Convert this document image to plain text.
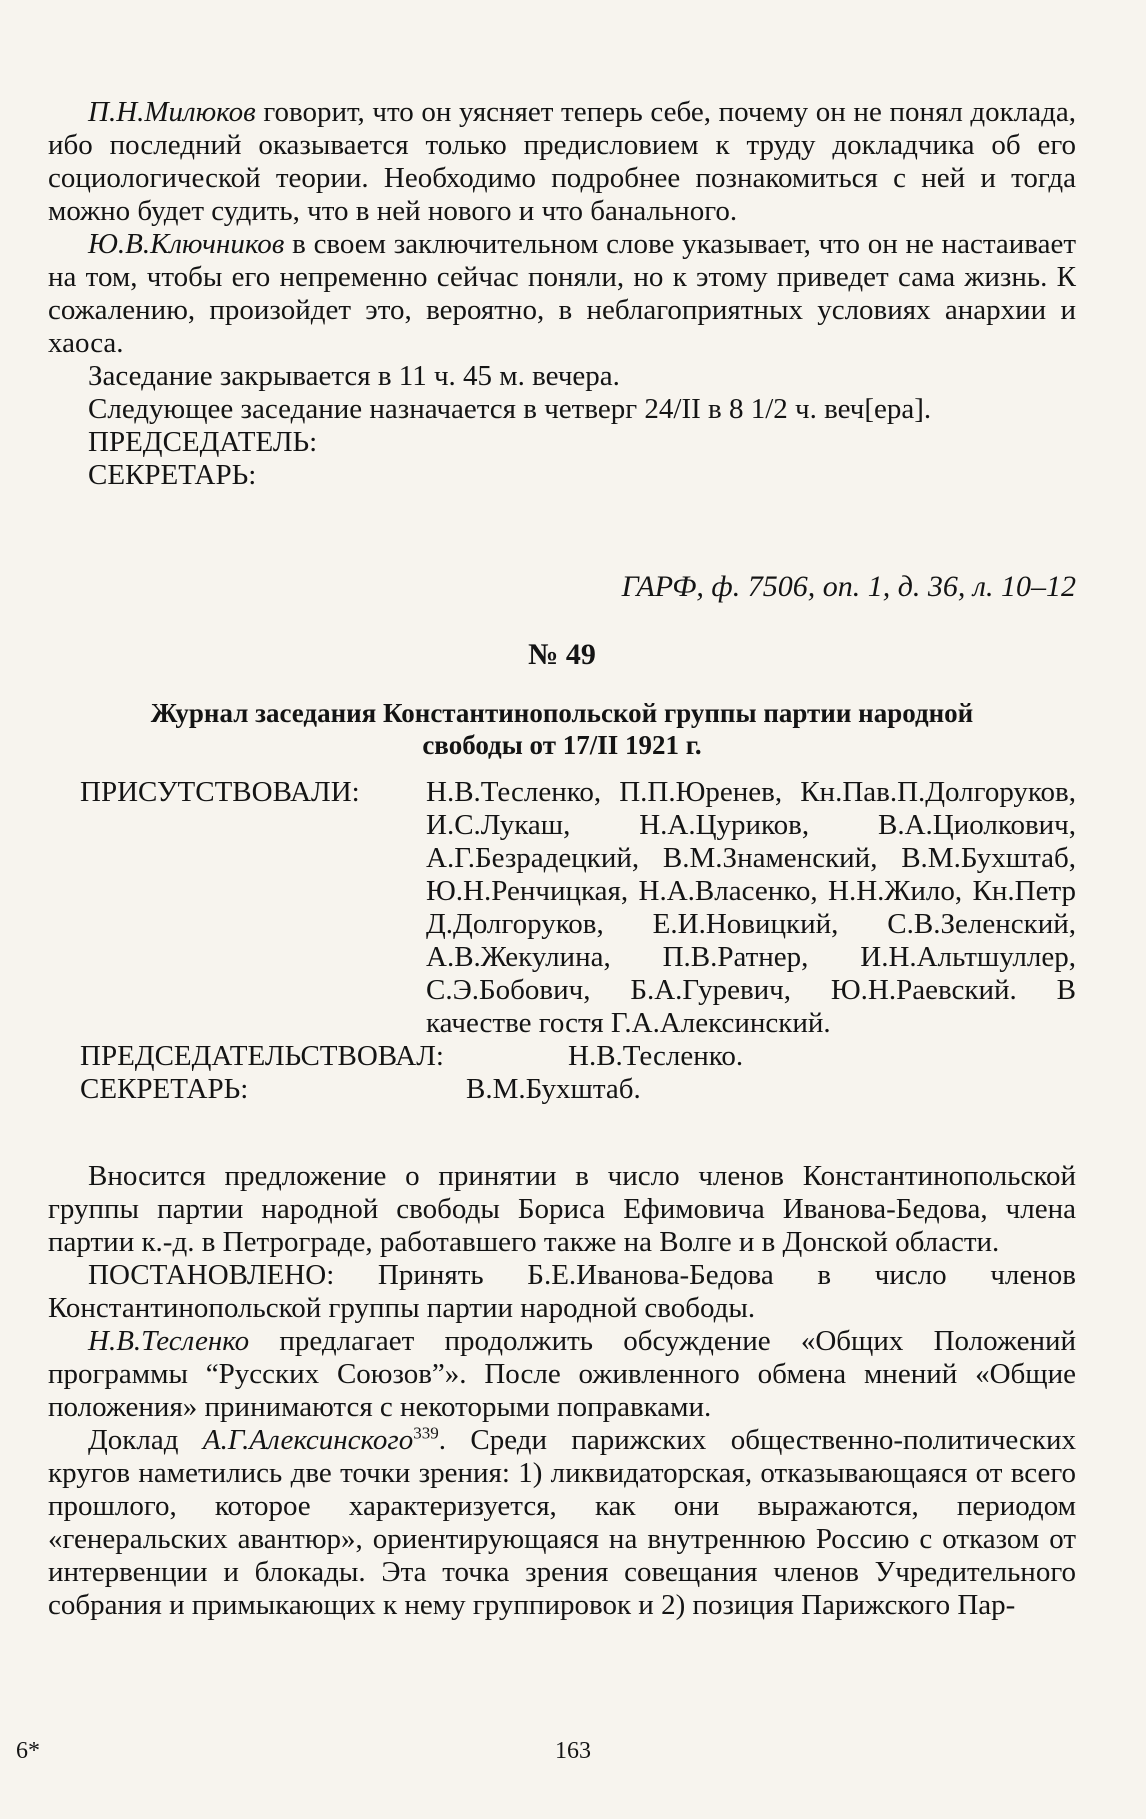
П.Н.Милюков говорит, что он уясняет теперь себе, почему он не понял доклада, ибо последний оказывается только предисловием к труду докладчика об его социологической теории. Необходимо подробнее познакомиться с ней и тогда можно будет судить, что в ней нового и что банального.

Ю.В.Ключников в своем заключительном слове указывает, что он не настаивает на том, чтобы его непременно сейчас поняли, но к этому приведет сама жизнь. К сожалению, произойдет это, вероятно, в неблагоприятных условиях анархии и хаоса.

Заседание закрывается в 11 ч. 45 м. вечера.

Следующее заседание назначается в четверг 24/II в 8 1/2 ч. веч[ера].

ПРЕДСЕДАТЕЛЬ:

СЕКРЕТАРЬ:

ГАРФ, ф. 7506, оп. 1, д. 36, л. 10–12
№ 49
Журнал заседания Константинопольской группы партии народной
свободы от 17/II 1921 г.
ПРИСУТСТВОВАЛИ:	Н.В.Тесленко, П.П.Юренев, Кн.Пав.П.Долгоруков, И.С.Лукаш, Н.А.Цуриков, В.А.Циолкович, А.Г.Безрадецкий, В.М.Знаменский, В.М.Бухштаб, Ю.Н.Ренчицкая, Н.А.Власенко, Н.Н.Жило, Кн.Петр Д.Долгоруков, Е.И.Новицкий, С.В.Зеленский, А.В.Жекулина, П.В.Ратнер, И.Н.Альтшуллер, С.Э.Бобович, Б.А.Гуревич, Ю.Н.Раевский. В качестве гостя Г.А.Алексинский.
ПРЕДСЕДАТЕЛЬСТВОВАЛ:	Н.В.Тесленко.
СЕКРЕТАРЬ:	В.М.Бухштаб.

Вносится предложение о принятии в число членов Константинопольской группы партии народной свободы Бориса Ефимовича Иванова-Бедова, члена партии к.-д. в Петрограде, работавшего также на Волге и в Донской области.

ПОСТАНОВЛЕНО: Принять Б.Е.Иванова-Бедова в число членов Константинопольской группы партии народной свободы.

Н.В.Тесленко предлагает продолжить обсуждение «Общих Положений программы “Русских Союзов”». После оживленного обмена мнений «Общие положения» принимаются с некоторыми поправками.

Доклад А.Г.Алексинского$^{339}$. Среди парижских общественно-политических кругов наметились две точки зрения: 1) ликвидаторская, отказывающаяся от всего прошлого, которое характеризуется, как они выражаются, периодом «генеральских авантюр», ориентирующаяся на внутреннюю Россию с отказом от интервенции и блокады. Эта точка зрения совещания членов Учредительного собрания и примыкающих к нему группировок и 2) позиция Парижского Пар-

6*	163
